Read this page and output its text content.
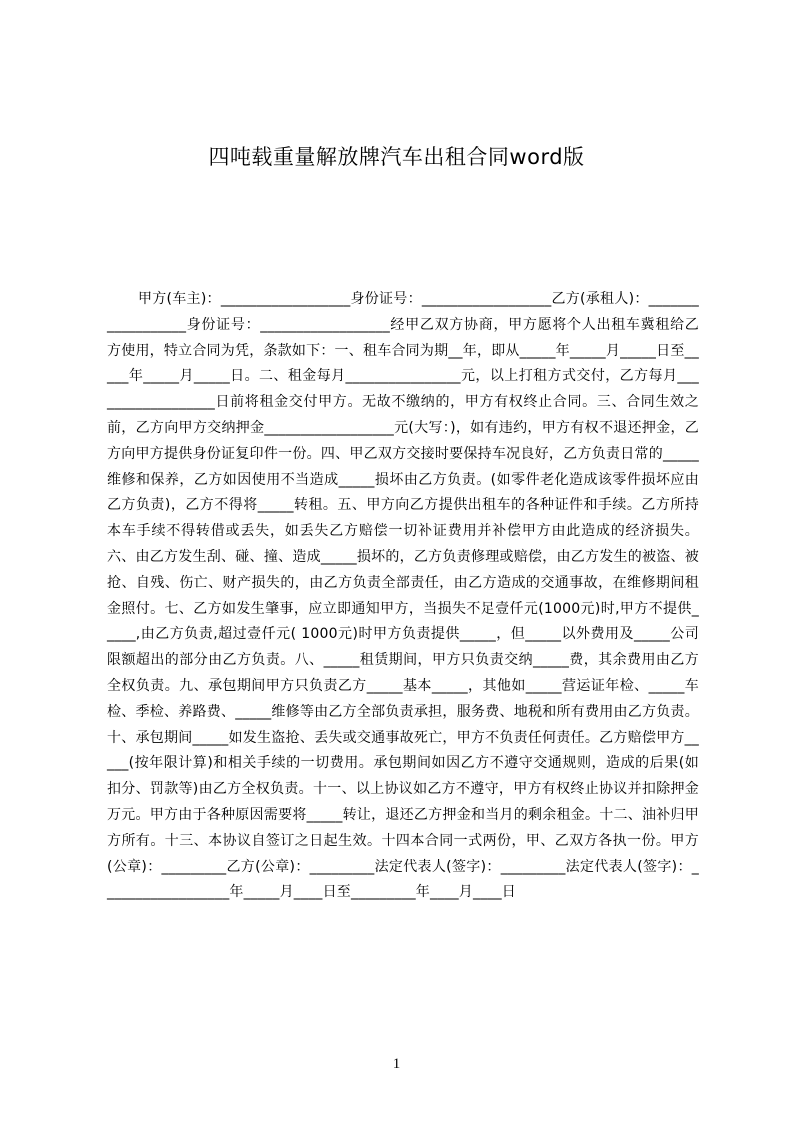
四吨载重量解放牌汽车出租合同word版
甲方(车主)：__________________身份证号：__________________乙方(承租人)：__________________身份证号：__________________经甲乙双方协商，甲方愿将个人出租车冀租给乙方使用，特立合同为凭，条款如下：一、租车合同为期__年，即从_____年_____月_____日至_____年_____月_____日。二、租金每月________________元，以上打租方式交付，乙方每月__________________日前将租金交付甲方。无故不缴纳的，甲方有权终止合同。三、合同生效之前，乙方向甲方交纳押金__________________元(大写：)，如有违约，甲方有权不退还押金，乙方向甲方提供身份证复印件一份。四、甲乙双方交接时要保持车况良好，乙方负责日常的_____维修和保养，乙方如因使用不当造成_____损坏由乙方负责。(如零件老化造成该零件损坏应由乙方负责)，乙方不得将_____转租。五、甲方向乙方提供出租车的各种证件和手续。乙方所持本车手续不得转借或丢失，如丢失乙方赔偿一切补证费用并补偿甲方由此造成的经济损失。六、由乙方发生刮、碰、撞、造成_____损坏的，乙方负责修理或赔偿，由乙方发生的被盗、被抢、自残、伤亡、财产损失的，由乙方负责全部责任，由乙方造成的交通事故，在维修期间租金照付。七、乙方如发生肇事，应立即通知甲方，当损失不足壹仟元(1000元)时,甲方不提供_____,由乙方负责,超过壹仟元( 1000元)时甲方负责提供_____，但_____以外费用及_____公司限额超出的部分由乙方负责。八、_____租赁期间，甲方只负责交纳_____费，其余费用由乙方全权负责。九、承包期间甲方只负责乙方_____基本_____，其他如_____营运证年检、_____车检、季检、养路费、_____维修等由乙方全部负责承担，服务费、地税和所有费用由乙方负责。十、承包期间_____如发生盗抢、丢失或交通事故死亡，甲方不负责任何责任。乙方赔偿甲方_____(按年限计算)和相关手续的一切费用。承包期间如因乙方不遵守交通规则，造成的后果(如扣分、罚款等)由乙方全权负责。十一、以上协议如乙方不遵守，甲方有权终止协议并扣除押金万元。甲方由于各种原因需要将_____转让，退还乙方押金和当月的剩余租金。十二、油补归甲方所有。十三、本协议自签订之日起生效。十四本合同一式两份，甲、乙双方各执一份。甲方(公章)：_________乙方(公章)：_________法定代表人(签字)：_________法定代表人(签字)：__________________年_____月____日至_________年____月____日
1
